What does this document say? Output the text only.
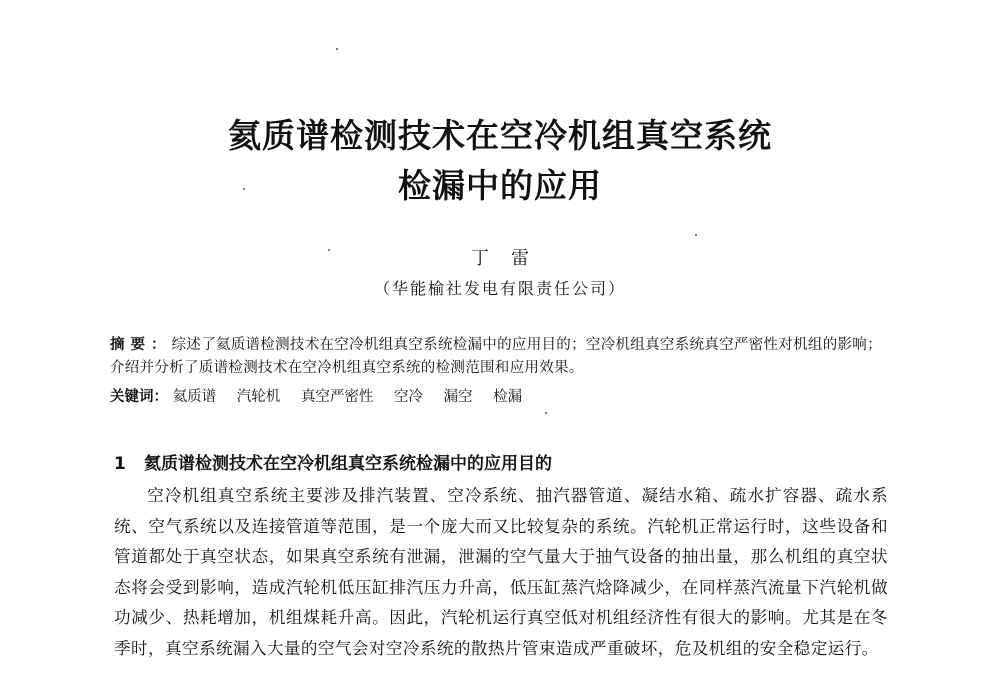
氦质谱检测技术在空冷机组真空系统
检漏中的应用
丁雷
（华能榆社发电有限责任公司）
摘要：综述了氦质谱检测技术在空冷机组真空系统检漏中的应用目的；空冷机组真空系统真空严密性对机组的影响；介绍并分析了质谱检测技术在空冷机组真空系统的检测范围和应用效果。
关键词： 氦质谱 汽轮机 真空严密性 空冷 漏空 检漏
1 氦质谱检测技术在空冷机组真空系统检漏中的应用目的

空冷机组真空系统主要涉及排汽装置、空冷系统、抽汽器管道、凝结水箱、疏水扩容器、疏水系统、空气系统以及连接管道等范围，是一个庞大而又比较复杂的系统。汽轮机正常运行时，这些设备和管道都处于真空状态，如果真空系统有泄漏，泄漏的空气量大于抽气设备的抽出量，那么机组的真空状态将会受到影响，造成汽轮机低压缸排汽压力升高，低压缸蒸汽焓降减少，在同样蒸汽流量下汽轮机做功减少、热耗增加，机组煤耗升高。因此，汽轮机运行真空低对机组经济性有很大的影响。尤其是在冬季时，真空系统漏入大量的空气会对空冷系统的散热片管束造成严重破坏，危及机组的安全稳定运行。
